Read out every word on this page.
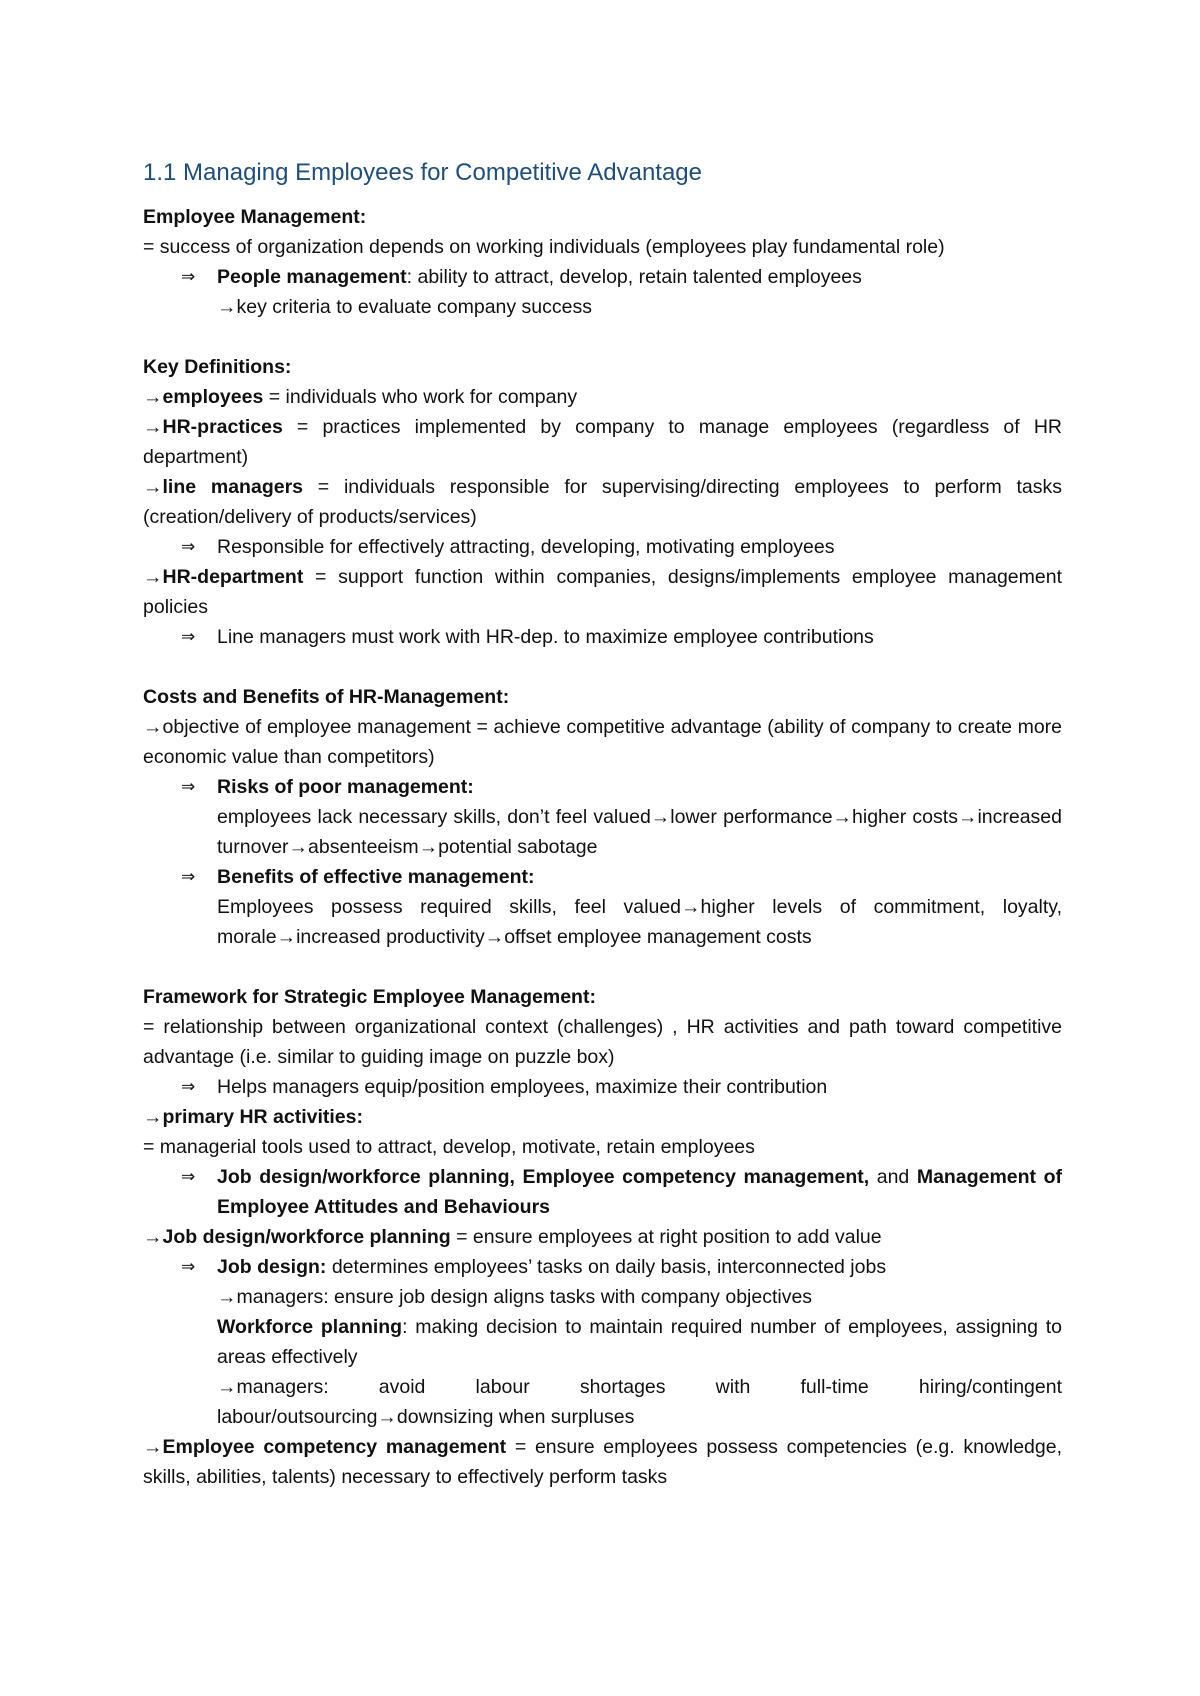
1.1 Managing Employees for Competitive Advantage

Employee Management:

= success of organization depends on working individuals (employees play fundamental role)

⇒	People management: ability to attract, develop, retain talented employees

→key criteria to evaluate company success

Key Definitions:

→employees = individuals who work for company

→HR-practices = practices implemented by company to manage employees (regardless of HR department)

→line managers = individuals responsible for supervising/directing employees to perform tasks (creation/delivery of products/services)

⇒	Responsible for effectively attracting, developing, motivating employees

→HR-department = support function within companies, designs/implements employee management policies

⇒	Line managers must work with HR-dep. to maximize employee contributions

Costs and Benefits of HR-Management:

→objective of employee management = achieve competitive advantage (ability of company to create more economic value than competitors)

⇒	Risks of poor management:

employees lack necessary skills, don’t feel valued→lower performance→higher costs→increased turnover→absenteeism→potential sabotage

⇒	Benefits of effective management:

Employees possess required skills, feel valued→higher levels of commitment, loyalty, morale→increased productivity→offset employee management costs

Framework for Strategic Employee Management:

= relationship between organizational context (challenges) , HR activities and path toward competitive advantage (i.e. similar to guiding image on puzzle box)

⇒	Helps managers equip/position employees, maximize their contribution

→primary HR activities:

= managerial tools used to attract, develop, motivate, retain employees

⇒	Job design/workforce planning, Employee competency management, and Management of Employee Attitudes and Behaviours

→Job design/workforce planning = ensure employees at right position to add value

⇒	Job design: determines employees’ tasks on daily basis, interconnected jobs

→managers: ensure job design aligns tasks with company objectives

Workforce planning: making decision to maintain required number of employees, assigning to areas effectively

→managers: avoid labour shortages with full-time hiring/contingent labour/outsourcing→downsizing when surpluses

→Employee competency management = ensure employees possess competencies (e.g. knowledge, skills, abilities, talents) necessary to effectively perform tasks
